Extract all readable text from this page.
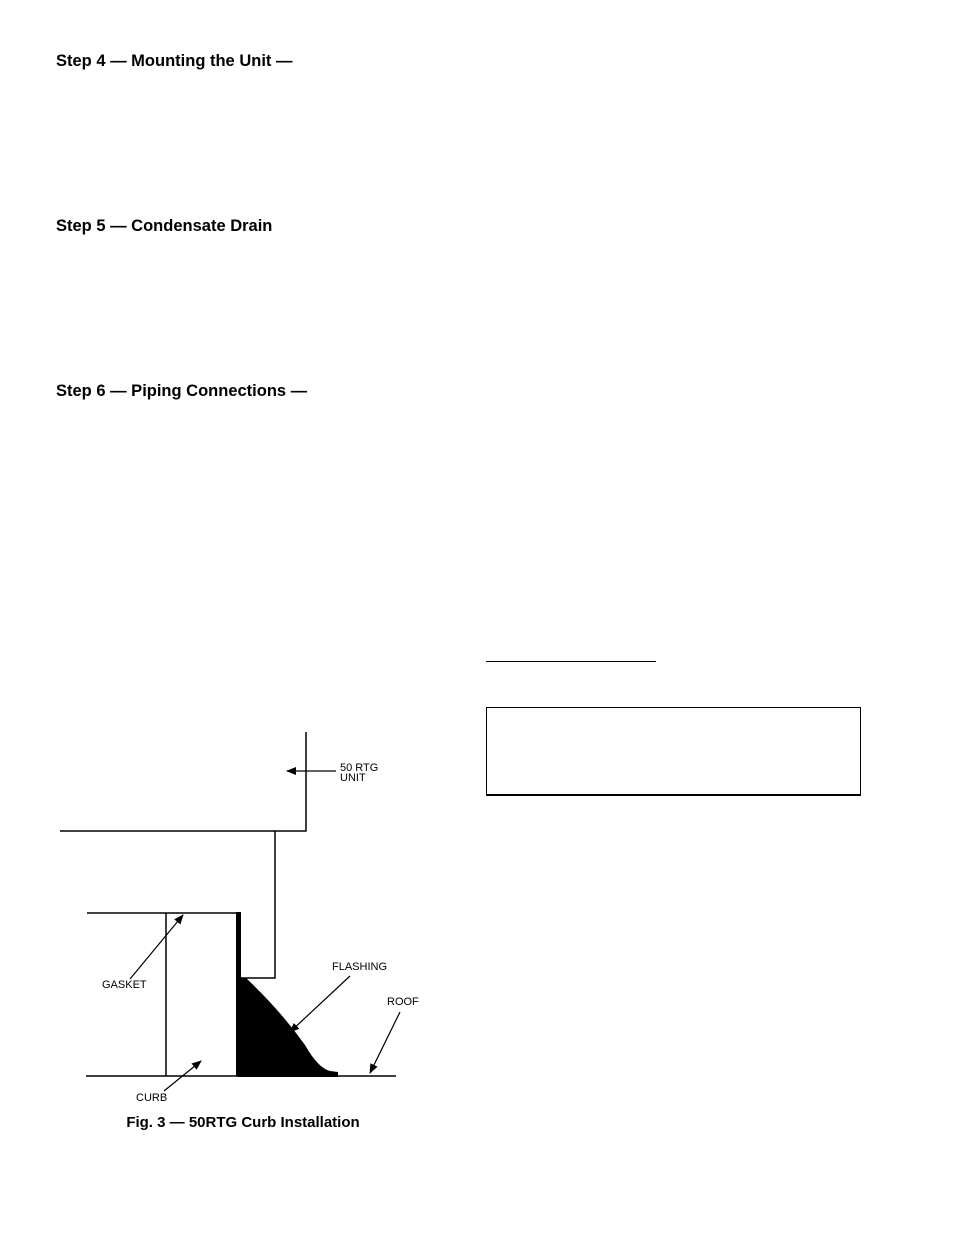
Step 4 — Mounting the Unit —
Step 5 — Condensate Drain
Step 6 — Piping Connections —
50 RTG
UNIT
FLASHING
GASKET
ROOF
CURB
Fig. 3 — 50RTG Curb Installation
